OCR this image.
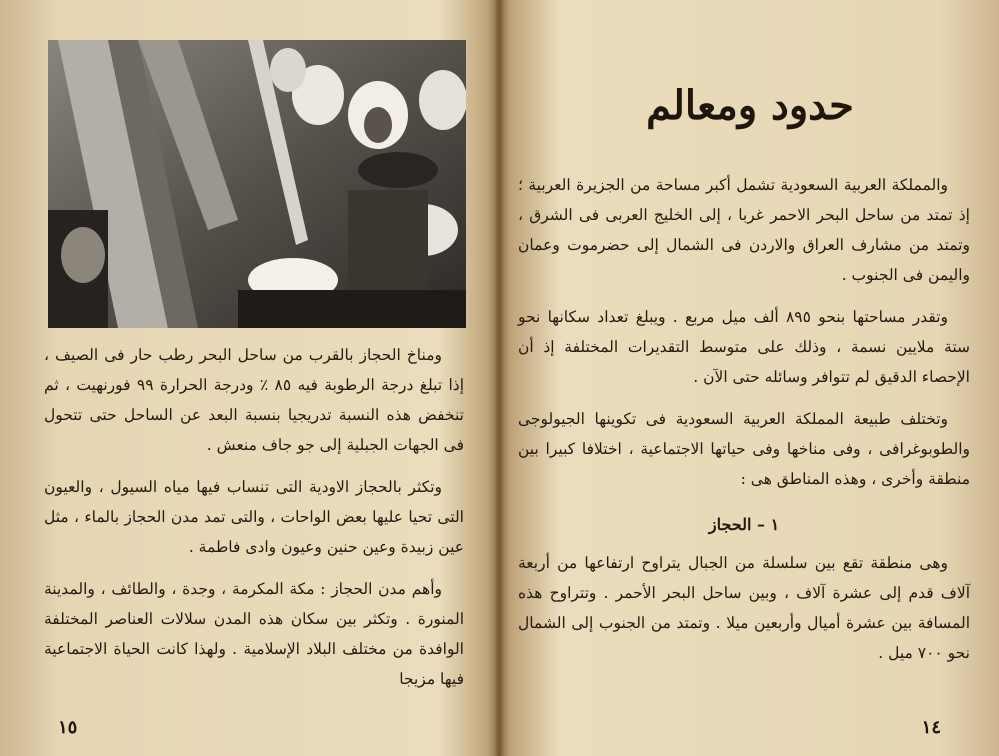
ومناخ الحجاز بالقرب من ساحل البحر رطب حار فى الصيف ، إذا تبلغ درجة الرطوبة فيه ٨٥ ٪ ودرجة الحرارة ٩٩ فورنهيت ، ثم تنخفض هذه النسبة تدريجيا بنسبة البعد عن الساحل حتى تتحول فى الجهات الجبلية إلى جو جاف منعش .

وتكثر بالحجاز الاودية التى تنساب فيها مياه السيول ، والعيون التى تحيا عليها بعض الواحات ، والتى تمد مدن الحجاز بالماء ، مثل عين زبيدة وعين حنين وعيون وادى فاطمة .

وأهم مدن الحجاز : مكة المكرمة ، وجدة ، والطائف ، والمدينة المنورة . وتكثر بين سكان هذه المدن سلالات العناصر المختلفة الوافدة من مختلف البلاد الإسلامية . ولهذا كانت الحياة الاجتماعية فيها مزيجا

١٥
حدود ومعالم

والمملكة العربية السعودية تشمل أكبر مساحة من الجزيرة العربية ؛ إذ تمتد من ساحل البحر الاحمر غربا ، إلى الخليج العربى فى الشرق ، وتمتد من مشارف العراق والاردن فى الشمال إلى حضرموت وعمان واليمن فى الجنوب .

وتقدر مساحتها بنحو ٨٩٥ ألف ميل مربع . ويبلغ تعداد سكانها نحو ستة ملايين نسمة ، وذلك على متوسط التقديرات المختلفة إذ أن الإحصاء الدقيق لم تتوافر وسائله حتى الآن .

وتختلف طبيعة المملكة العربية السعودية فى تكوينها الجيولوجى والطوبوغرافى ، وفى مناخها وفى حياتها الاجتماعية ، اختلافا كبيرا بين منطقة وأخرى ، وهذه المناطق هى :

١ – الحجاز

وهى منطقة تقع بين سلسلة من الجبال يتراوح ارتفاعها من أربعة آلاف قدم إلى عشرة آلاف ، وبين ساحل البحر الأحمر . وتتراوح هذه المسافة بين عشرة أميال وأربعين ميلا . وتمتد من الجنوب إلى الشمال نحو ٧٠٠ ميل .

١٤
